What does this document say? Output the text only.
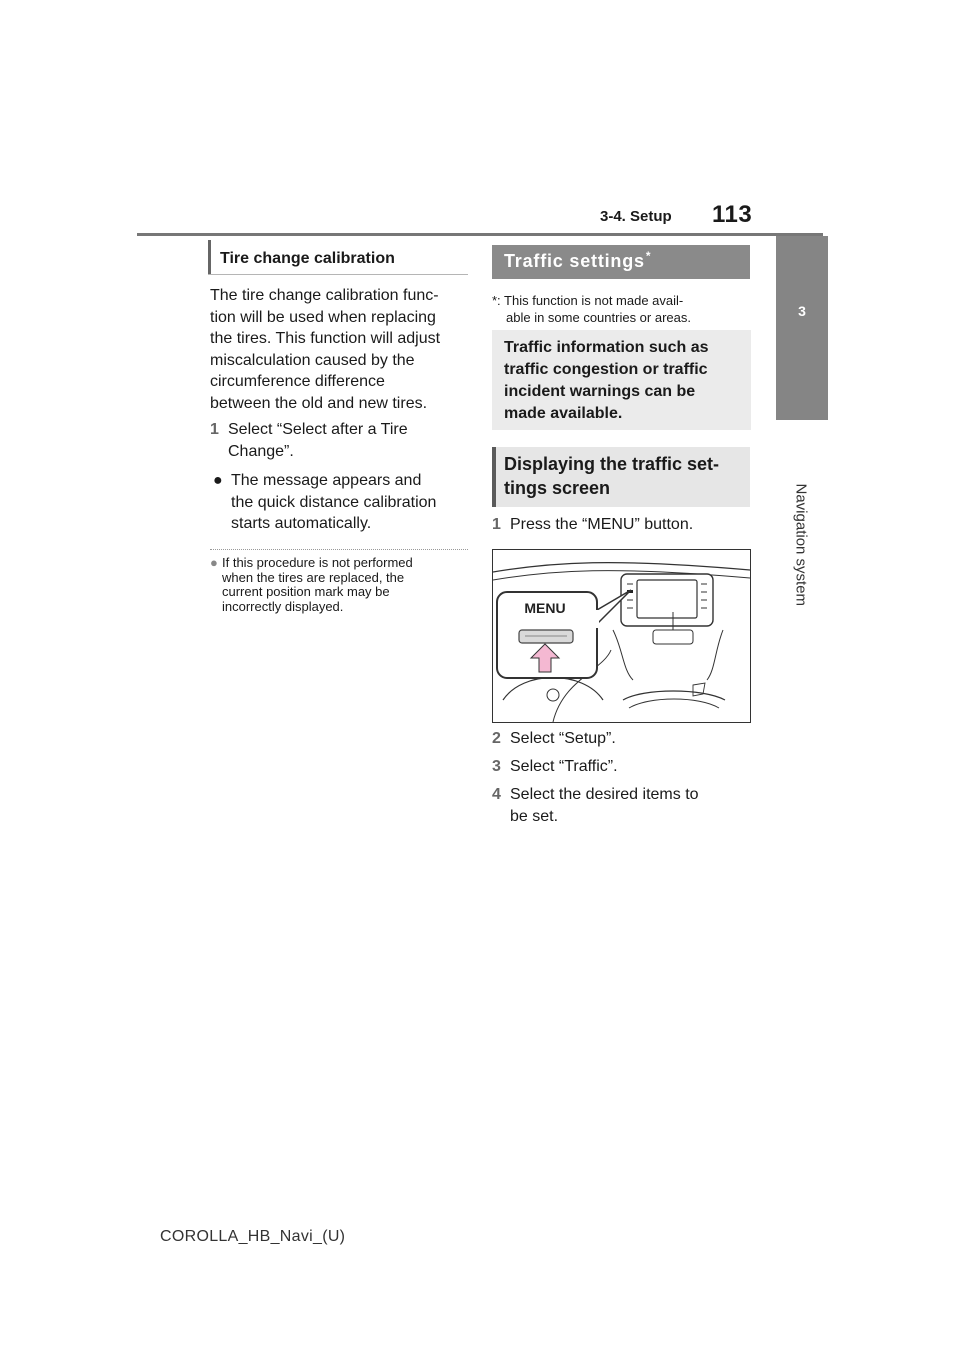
3-4. Setup 113
3
Navigation system
Tire change calibration
The tire change calibration func-
tion will be used when replacing
the tires. This function will adjust
miscalculation caused by the
circumference difference
between the old and new tires.
1 Select “Select after a Tire
Change”.
● The message appears and
the quick distance calibration
starts automatically.
● If this procedure is not performed
when the tires are replaced, the
current position mark may be
incorrectly displayed.
Traffic settings*
*: This function is not made avail-
able in some countries or areas.
Traffic information such as
traffic congestion or traffic
incident warnings can be
made available.
Displaying the traffic set-
tings screen
1 Press the “MENU” button.
MENU
2 Select “Setup”.
3 Select “Traffic”.
4 Select the desired items to
be set.
COROLLA_HB_Navi_(U)
